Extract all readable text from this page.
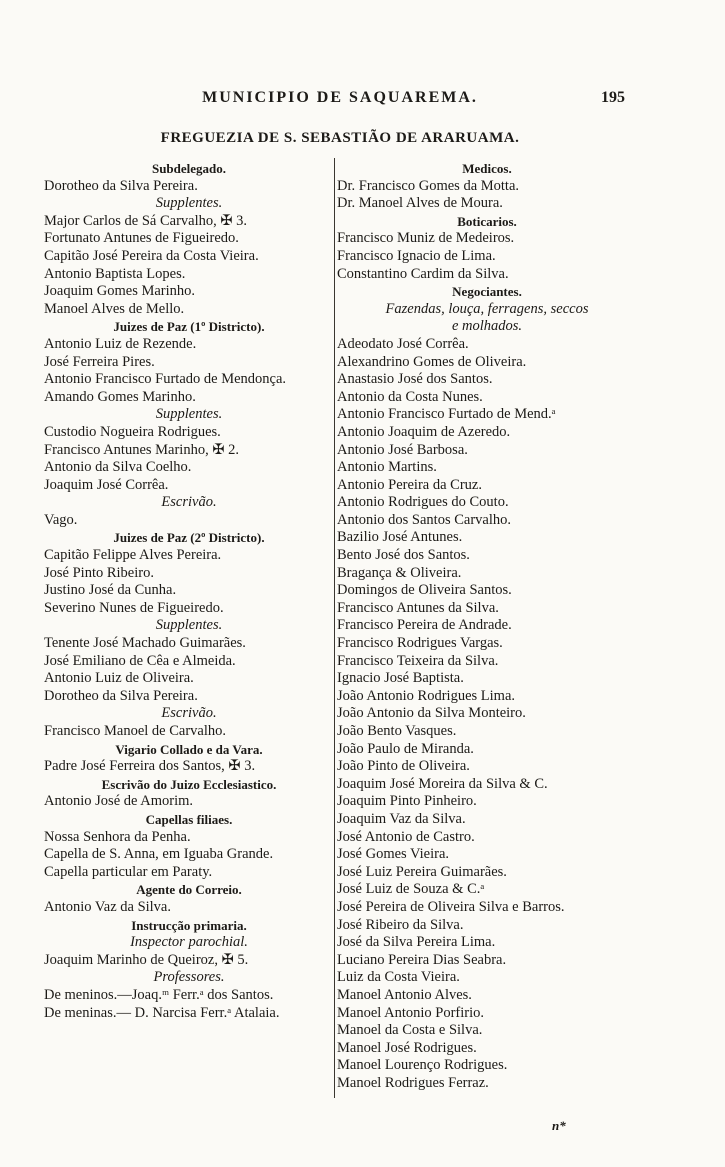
MUNICIPIO DE SAQUAREMA.	195
FREGUEZIA DE S. SEBASTIÃO DE ARARUAMA.
Subdelegado.
Dorotheo da Silva Pereira.
Supplentes.
Major Carlos de Sá Carvalho, ✠ 3.
Fortunato Antunes de Figueiredo.
Capitão José Pereira da Costa Vieira.
Antonio Baptista Lopes.
Joaquim Gomes Marinho.
Manoel Alves de Mello.
Juizes de Paz (1º Districto).
Antonio Luiz de Rezende.
José Ferreira Pires.
Antonio Francisco Furtado de Mendonça.
Amando Gomes Marinho.
Supplentes.
Custodio Nogueira Rodrigues.
Francisco Antunes Marinho, ✠ 2.
Antonio da Silva Coelho.
Joaquim José Corrêa.
Escrivão.
Vago.
Juizes de Paz (2º Districto).
Capitão Felippe Alves Pereira.
José Pinto Ribeiro.
Justino José da Cunha.
Severino Nunes de Figueiredo.
Supplentes.
Tenente José Machado Guimarães.
José Emiliano de Cêa e Almeida.
Antonio Luiz de Oliveira.
Dorotheo da Silva Pereira.
Escrivão.
Francisco Manoel de Carvalho.
Vigario Collado e da Vara.
Padre José Ferreira dos Santos, ✠ 3.
Escrivão do Juizo Ecclesiastico.
Antonio José de Amorim.
Capellas filiaes.
Nossa Senhora da Penha.
Capella de S. Anna, em Iguaba Grande.
Capella particular em Paraty.
Agente do Correio.
Antonio Vaz da Silva.
Instrucção primaria.
Inspector parochial.
Joaquim Marinho de Queiroz, ✠ 5.
Professores.
De meninos.—Joaq.ᵐ Ferr.ᵃ dos Santos.
De meninas.— D. Narcisa Ferr.ᵃ Atalaia.
Medicos.
Dr. Francisco Gomes da Motta.
Dr. Manoel Alves de Moura.
Boticarios.
Francisco Muniz de Medeiros.
Francisco Ignacio de Lima.
Constantino Cardim da Silva.
Negociantes.
Fazendas, louça, ferragens, seccos
e molhados.
Adeodato José Corrêa.
Alexandrino Gomes de Oliveira.
Anastasio José dos Santos.
Antonio da Costa Nunes.
Antonio Francisco Furtado de Mend.ᵃ
Antonio Joaquim de Azeredo.
Antonio José Barbosa.
Antonio Martins.
Antonio Pereira da Cruz.
Antonio Rodrigues do Couto.
Antonio dos Santos Carvalho.
Bazilio José Antunes.
Bento José dos Santos.
Bragança & Oliveira.
Domingos de Oliveira Santos.
Francisco Antunes da Silva.
Francisco Pereira de Andrade.
Francisco Rodrigues Vargas.
Francisco Teixeira da Silva.
Ignacio José Baptista.
João Antonio Rodrigues Lima.
João Antonio da Silva Monteiro.
João Bento Vasques.
João Paulo de Miranda.
João Pinto de Oliveira.
Joaquim José Moreira da Silva & C.
Joaquim Pinto Pinheiro.
Joaquim Vaz da Silva.
José Antonio de Castro.
José Gomes Vieira.
José Luiz Pereira Guimarães.
José Luiz de Souza & C.ᵃ
José Pereira de Oliveira Silva e Barros.
José Ribeiro da Silva.
José da Silva Pereira Lima.
Luciano Pereira Dias Seabra.
Luiz da Costa Vieira.
Manoel Antonio Alves.
Manoel Antonio Porfirio.
Manoel da Costa e Silva.
Manoel José Rodrigues.
Manoel Lourenço Rodrigues.
Manoel Rodrigues Ferraz.
n*
